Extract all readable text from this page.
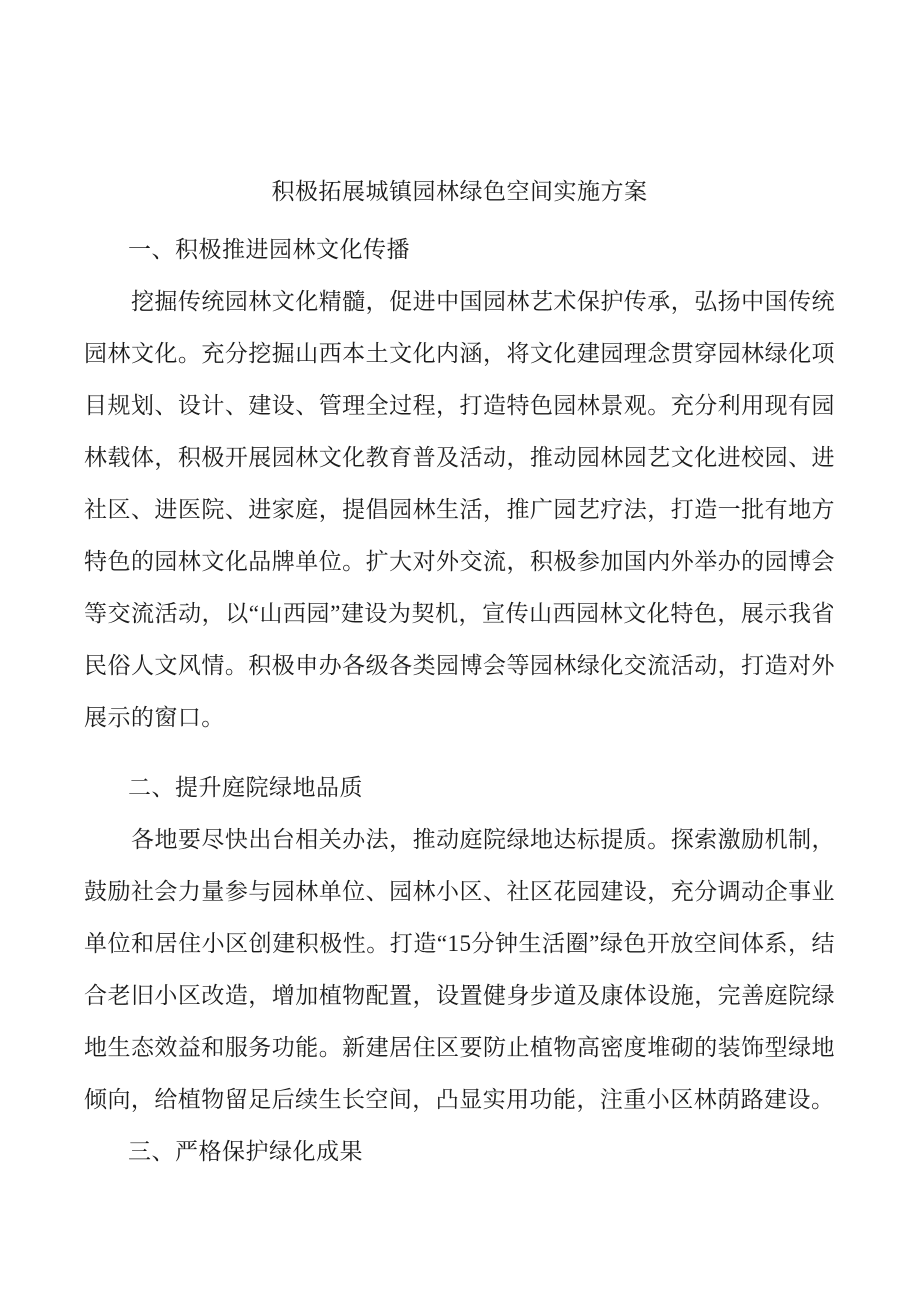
积极拓展城镇园林绿色空间实施方案
一、积极推进园林文化传播

挖掘传统园林文化精髓，促进中国园林艺术保护传承，弘扬中国传统园林文化。充分挖掘山西本土文化内涵，将文化建园理念贯穿园林绿化项目规划、设计、建设、管理全过程，打造特色园林景观。充分利用现有园林载体，积极开展园林文化教育普及活动，推动园林园艺文化进校园、进社区、进医院、进家庭，提倡园林生活，推广园艺疗法，打造一批有地方特色的园林文化品牌单位。扩大对外交流，积极参加国内外举办的园博会等交流活动，以“山西园”建设为契机，宣传山西园林文化特色，展示我省民俗人文风情。积极申办各级各类园博会等园林绿化交流活动，打造对外展示的窗口。

二、提升庭院绿地品质

各地要尽快出台相关办法，推动庭院绿地达标提质。探索激励机制，鼓励社会力量参与园林单位、园林小区、社区花园建设，充分调动企事业单位和居住小区创建积极性。打造“15分钟生活圈”绿色开放空间体系，结合老旧小区改造，增加植物配置，设置健身步道及康体设施，完善庭院绿地生态效益和服务功能。新建居住区要防止植物高密度堆砌的装饰型绿地倾向，给植物留足后续生长空间，凸显实用功能，注重小区林荫路建设。

三、严格保护绿化成果
